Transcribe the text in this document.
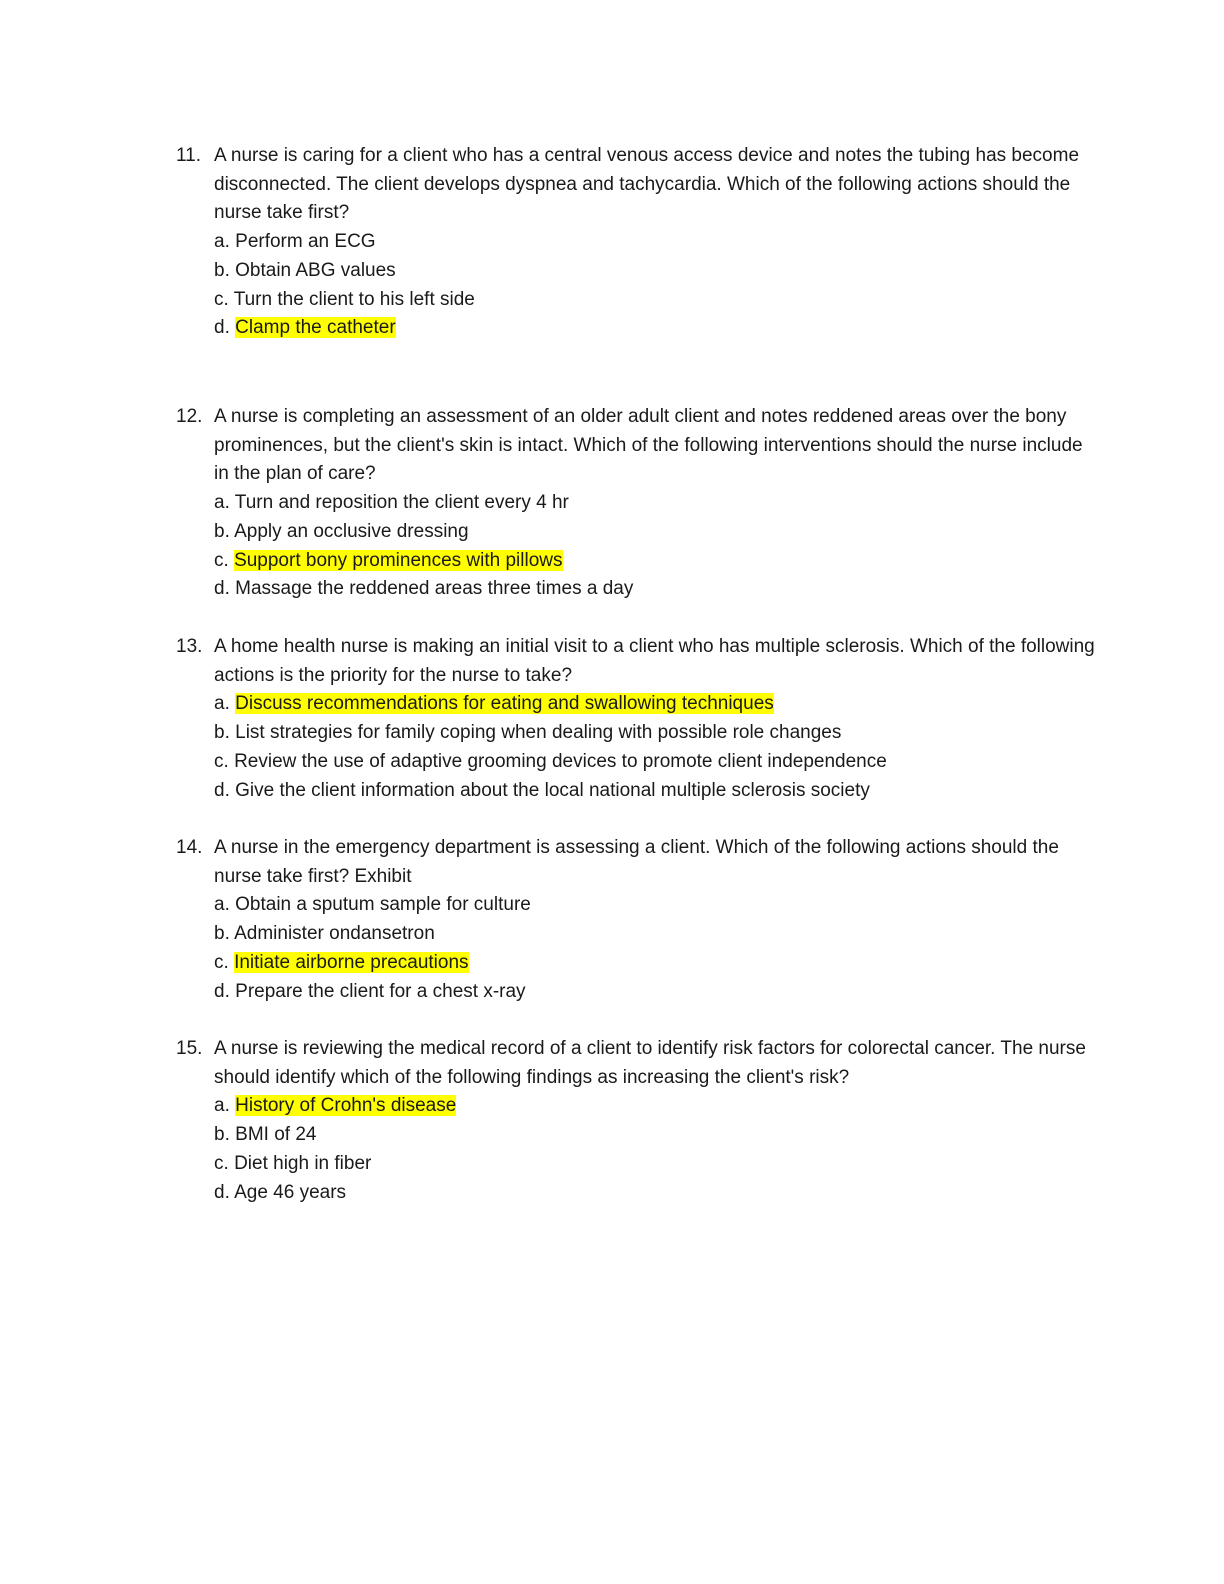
11. A nurse is caring for a client who has a central venous access device and notes the tubing has become disconnected. The client develops dyspnea and tachycardia. Which of the following actions should the nurse take first?
a. Perform an ECG
b. Obtain ABG values
c. Turn the client to his left side
d. Clamp the catheter
12. A nurse is completing an assessment of an older adult client and notes reddened areas over the bony prominences, but the client's skin is intact. Which of the following interventions should the nurse include in the plan of care?
a. Turn and reposition the client every 4 hr
b. Apply an occlusive dressing
c. Support bony prominences with pillows
d. Massage the reddened areas three times a day
13. A home health nurse is making an initial visit to a client who has multiple sclerosis. Which of the following actions is the priority for the nurse to take?
a. Discuss recommendations for eating and swallowing techniques
b. List strategies for family coping when dealing with possible role changes
c. Review the use of adaptive grooming devices to promote client independence
d. Give the client information about the local national multiple sclerosis society
14. A nurse in the emergency department is assessing a client. Which of the following actions should the nurse take first? Exhibit
a. Obtain a sputum sample for culture
b. Administer ondansetron
c. Initiate airborne precautions
d. Prepare the client for a chest x-ray
15. A nurse is reviewing the medical record of a client to identify risk factors for colorectal cancer. The nurse should identify which of the following findings as increasing the client's risk?
a. History of Crohn's disease
b. BMI of 24
c. Diet high in fiber
d. Age 46 years
